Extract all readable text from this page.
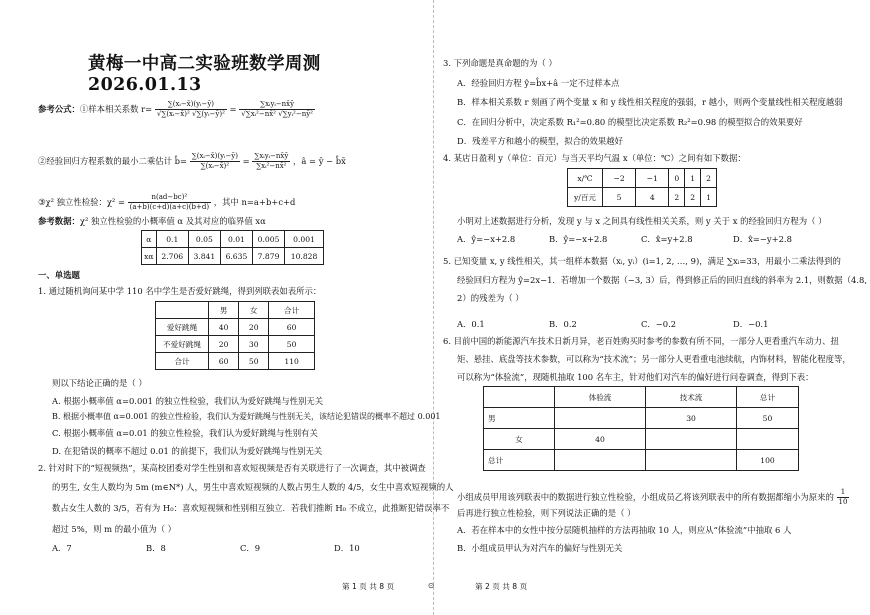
黄梅一中高二实验班数学周测 2026.01.13
参考公式：①样本相关系数 $r= \frac{\text{∑(xᵢ−x̄)(yᵢ−ȳ)}}{\text{√∑(xᵢ−x̄)² √∑(yᵢ−ȳ)²}} = \frac{\text{∑xᵢyᵢ−nx̄ȳ}}{\text{√∑xᵢ²−nx̄² √∑yᵢ²−nȳ²}}$
②经验回归方程系数的最小二乘估计 b̂= $\frac{\text{∑(xᵢ−x̄)(yᵢ−ȳ)}}{\text{∑(xᵢ−x̄)²}} = \frac{\text{∑xᵢyᵢ−nx̄ȳ}}{\text{∑xᵢ²−nx̄²}}$ ，â = ȳ − b̂x̄
③χ² 独立性检验：$\chi^2 = \frac{\text{n(ad−bc)²}}{(a+b)(c+d)(a+c)(b+d)}$ ，其中 n=a+b+c+d
参考数据：χ² 独立性检验的小概率值 α 及其对应的临界值 xα
α	0.1	0.05	0.01	0.005	0.001
xα	2.706	3.841	6.635	7.879	10.828
一、单选题
1. 通过随机询问某中学 110 名中学生是否爱好跳绳，得到列联表如表所示：
	男	女	合计
爱好跳绳	40	20	60
不爱好跳绳	20	30	50
合计	60	50	110
则以下结论正确的是（ ）
A. 根据小概率值 α=0.001 的独立性检验，我们认为爱好跳绳与性别无关
B. 根据小概率值 α=0.001 的独立性检验，我们认为爱好跳绳与性别无关，该结论犯错误的概率不超过 0.001
C. 根据小概率值 α=0.01 的独立性检验，我们认为爱好跳绳与性别有关
D. 在犯错误的概率不超过 0.01 的前提下，我们认为爱好跳绳与性别无关
2. 针对时下的“短视频热”，某高校团委对学生性别和喜欢短视频是否有关联进行了一次调查，其中被调查
的男生, 女生人数均为 5m (m∈N*) 人，男生中喜欢短视频的人数占男生人数的 4/5，女生中喜欢短视频的人
数占女生人数的 3/5，若有为 H₀：喜欢短视频和性别相互独立．若我们推断 H₀ 不成立，此推断犯错误率不
超过 5%，则 m 的最小值为（ ）
A．7	B．8	C．9	D．10
第 1 页 共 8 页	⊙
3. 下列命题是真命题的为（ ）
A．经验回归方程 ŷ=b̂x+â 一定不过样本点
B．样本相关系数 r 刻画了两个变量 x 和 y 线性相关程度的强弱，r 越小，则两个变量线性相关程度越弱
C．在回归分析中，决定系数 R₁²=0.80 的模型比决定系数 R₂²=0.98 的模型拟合的效果要好
D．残差平方和越小的模型，拟合的效果越好
4. 某店日盈利 y（单位：百元）与当天平均气温 x（单位：℃）之间有如下数据：
x/℃	−2	−1	0	1	2
y/百元	5	4	2	2	1
小明对上述数据进行分析，发现 y 与 x 之间具有线性相关关系，则 y 关于 x 的经验回归方程为（ ）
A．ŷ=−x+2.8	B．ŷ=−x+2.8	C．x̂=y+2.8	D．x̂=−y+2.8
5. 已知变量 x, y 线性相关，其一组样本数据（xᵢ, yᵢ）(i=1, 2, …, 9)，满足 ∑xᵢ=33，用最小二乘法得到的
经验回归方程为 ŷ=2x−1．若增加一个数据（−3, 3）后，得到修正后的回归直线的斜率为 2.1，则数据（4.8,
2）的残差为（ ）
A．0.1	B．0.2	C．−0.2	D．−0.1
6. 目前中国的新能源汽车技术日新月异，老百姓购买时参考的参数有所不同，一部分人更看重汽车动力、扭
矩、悬挂、底盘等技术参数，可以称为“技术流”；另一部分人更看重电池续航，内饰材料，智能化程度等，
可以称为“体验流”，现随机抽取 100 名车主，针对他们对汽车的偏好进行问卷调查，得到下表：
	体验流	技术流	总计
男		30	50
女	40		
总计			100
小组成员甲用该列联表中的数据进行独立性检验，小组成员乙将该列联表中的所有数据都缩小为原来的 $\frac{1}{10}$
后再进行独立性检验，则下列说法正确的是（ ）
A．若在样本中的女性中按分层随机抽样的方法再抽取 10 人，则应从“体验流”中抽取 6 人
B．小组成员甲认为对汽车的偏好与性别无关
第 2 页 共 8 页
